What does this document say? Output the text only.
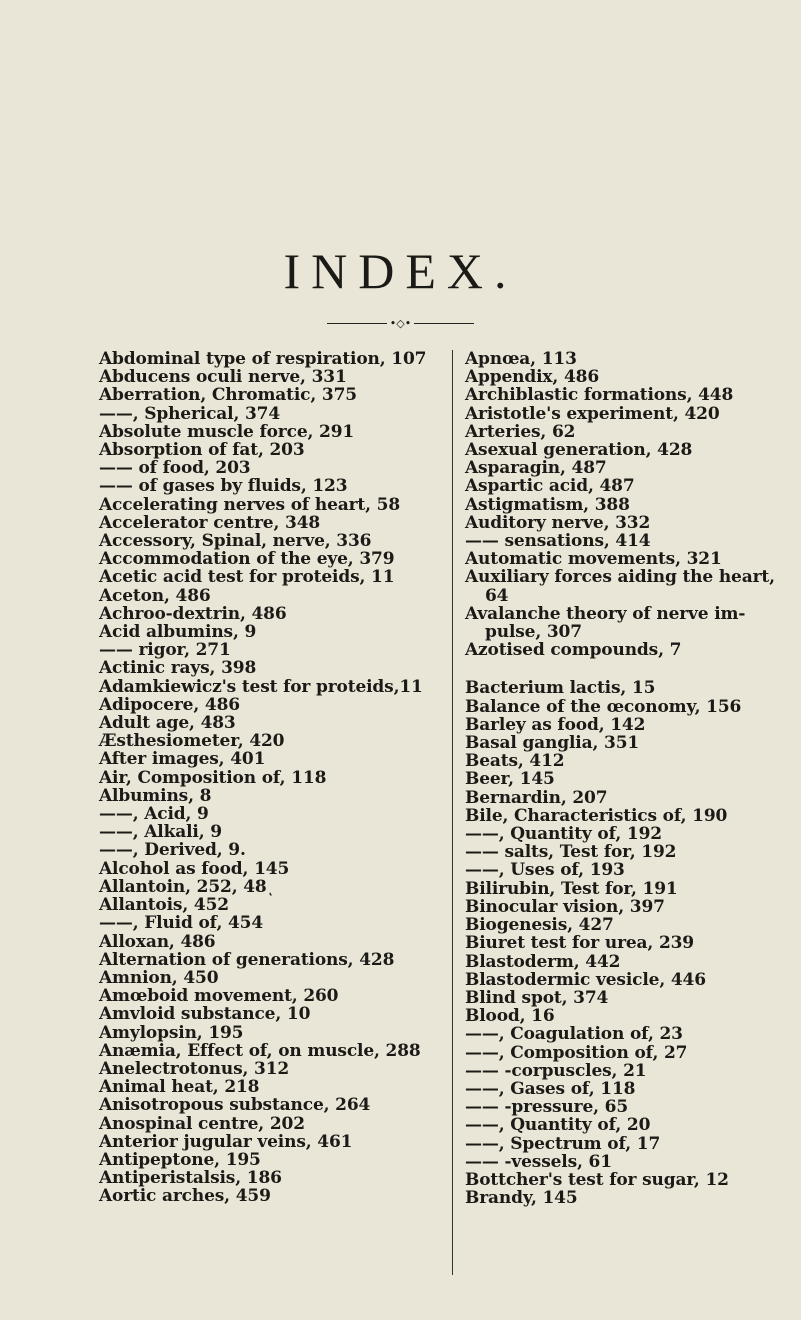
INDEX.
•◇•
Abdominal type of respiration, 107
Abducens oculi nerve, 331
Aberration, Chromatic, 375
——, Spherical, 374
Absolute muscle force, 291
Absorption of fat, 203
—— of food, 203
—— of gases by fluids, 123
Accelerating nerves of heart, 58
Accelerator centre, 348
Accessory, Spinal, nerve, 336
Accommodation of the eye, 379
Acetic acid test for proteids, 11
Aceton, 486
Achroo-dextrin, 486
Acid albumins, 9
—— rigor, 271
Actinic rays, 398
Adamkiewicz's test for proteids,11
Adipocere, 486
Adult age, 483
Æsthesiometer, 420
After images, 401
Air, Composition of, 118
Albumins, 8
——, Acid, 9
——, Alkali, 9
——, Derived, 9.
Alcohol as food, 145
Allantoin, 252, 48 ͅ
Allantois, 452
——, Fluid of, 454
Alloxan, 486
Alternation of generations, 428
Amnion, 450
Amœboid movement, 260
Amvloid substance, 10
Amylopsin, 195
Anæmia, Effect of, on muscle, 288
Anelectrotonus, 312
Animal heat, 218
Anisotropous substance, 264
Anospinal centre, 202
Anterior jugular veins, 461
Antipeptone, 195
Antiperistalsis, 186
Aortic arches, 459
Apnœa, 113
Appendix, 486
Archiblastic formations, 448
Aristotle's experiment, 420
Arteries, 62
Asexual generation, 428
Asparagin, 487
Aspartic acid, 487
Astigmatism, 388
Auditory nerve, 332
—— sensations, 414
Automatic movements, 321
Auxiliary forces aiding the heart,
64
Avalanche theory of nerve im-
pulse, 307
Azotised compounds, 7
Bacterium lactis, 15
Balance of the œconomy, 156
Barley as food, 142
Basal ganglia, 351
Beats, 412
Beer, 145
Bernardin, 207
Bile, Characteristics of, 190
——, Quantity of, 192
—— salts, Test for, 192
——, Uses of, 193
Bilirubin, Test for, 191
Binocular vision, 397
Biogenesis, 427
Biuret test for urea, 239
Blastoderm, 442
Blastodermic vesicle, 446
Blind spot, 374
Blood, 16
——, Coagulation of, 23
——, Composition of, 27
—— -corpuscles, 21
——, Gases of, 118
—— -pressure, 65
——, Quantity of, 20
——, Spectrum of, 17
—— -vessels, 61
Bottcher's test for sugar, 12
Brandy, 145
